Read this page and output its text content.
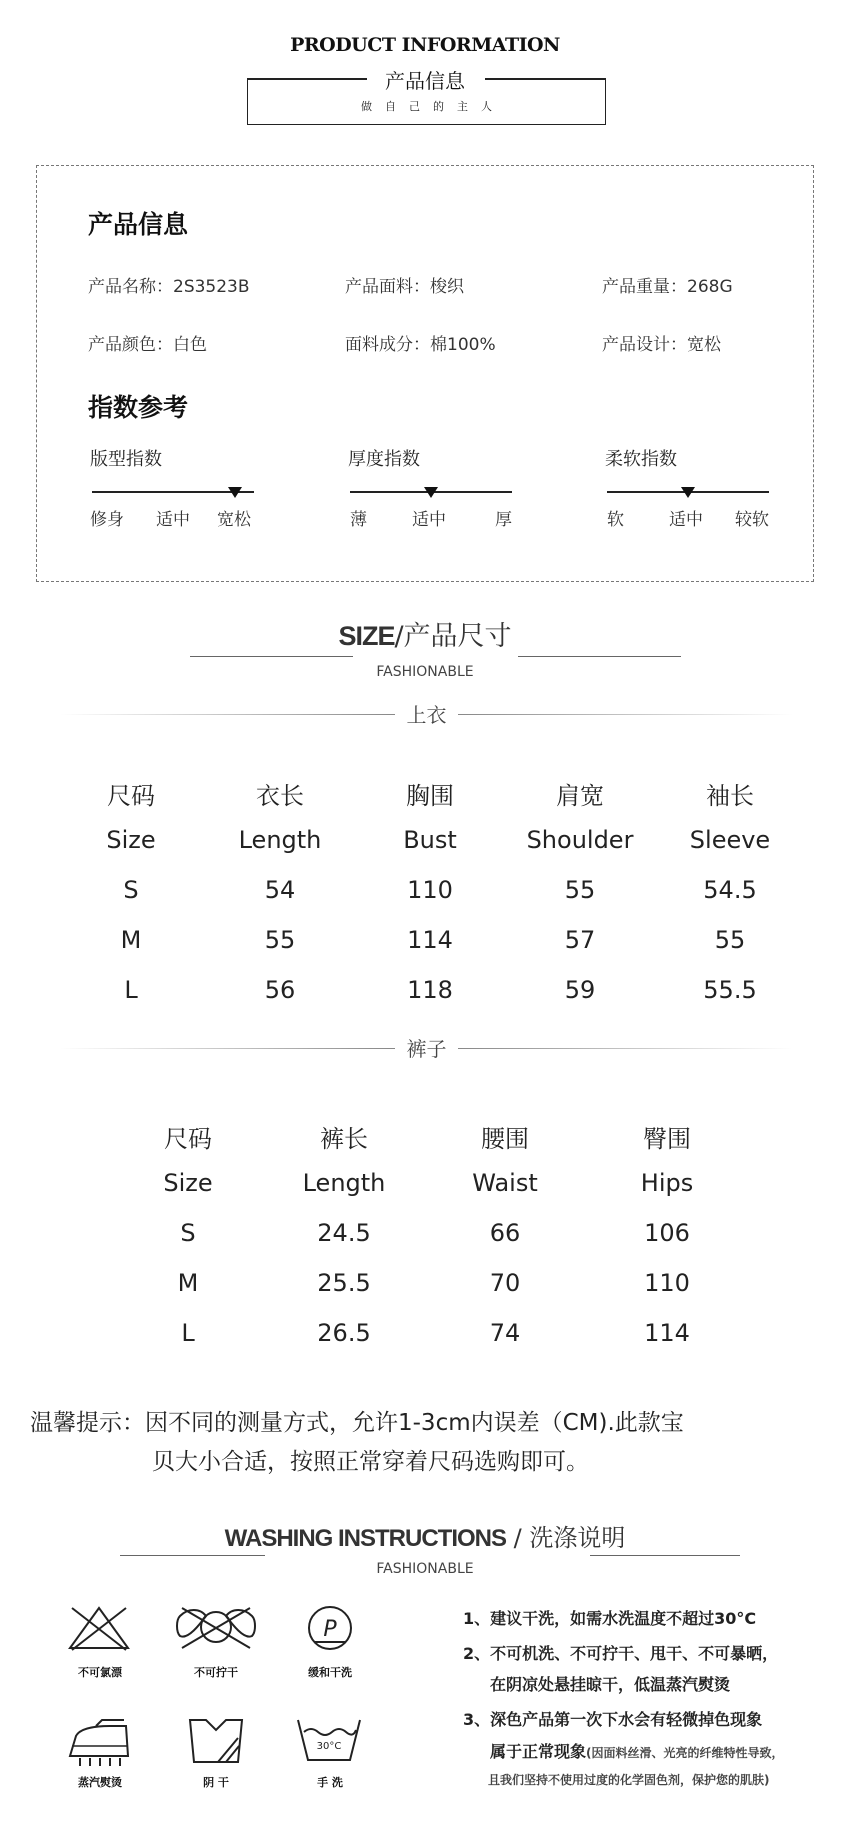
PRODUCT INFORMATION
产品信息
做自己的主人
产品信息
产品名称：2S3523B	产品面料：梭织	产品重量：268G
产品颜色：白色	面料成分：棉100%	产品设计：宽松
指数参考
版型指数
修身 适中 宽松
厚度指数
薄	适中	厚
柔软指数
软	适中 较软
SIZE/产品尺寸
FASHIONABLE
上衣
尺码	衣长	胸围	肩宽	袖长
Size	Length	Bust	Shoulder	Sleeve
S	54	110	55	54.5
M	55	114	57	55
L	56	118	59	55.5
裤子
尺码	裤长	腰围	臀围
Size	Length	Waist	Hips
S	24.5	66	106
M	25.5	70	110
L	26.5	74	114
温馨提示：因不同的测量方式，允许1-3cm内误差（CM).此款宝
贝大小合适，按照正常穿着尺码选购即可。
WASHING INSTRUCTIONS / 洗涤说明
FASHIONABLE
不可氯漂	不可拧干
P
缓和干洗
蒸汽熨烫	阴 干
30°C
手 洗
1、建议干洗，如需水洗温度不超过30°C
2、不可机洗、不可拧干、甩干、不可暴晒，
在阴凉处悬挂晾干，低温蒸汽熨烫
3、深色产品第一次下水会有轻微掉色现象
属于正常现象(因面料丝滑、光亮的纤维特性导致，
且我们坚持不使用过度的化学固色剂，保护您的肌肤)
